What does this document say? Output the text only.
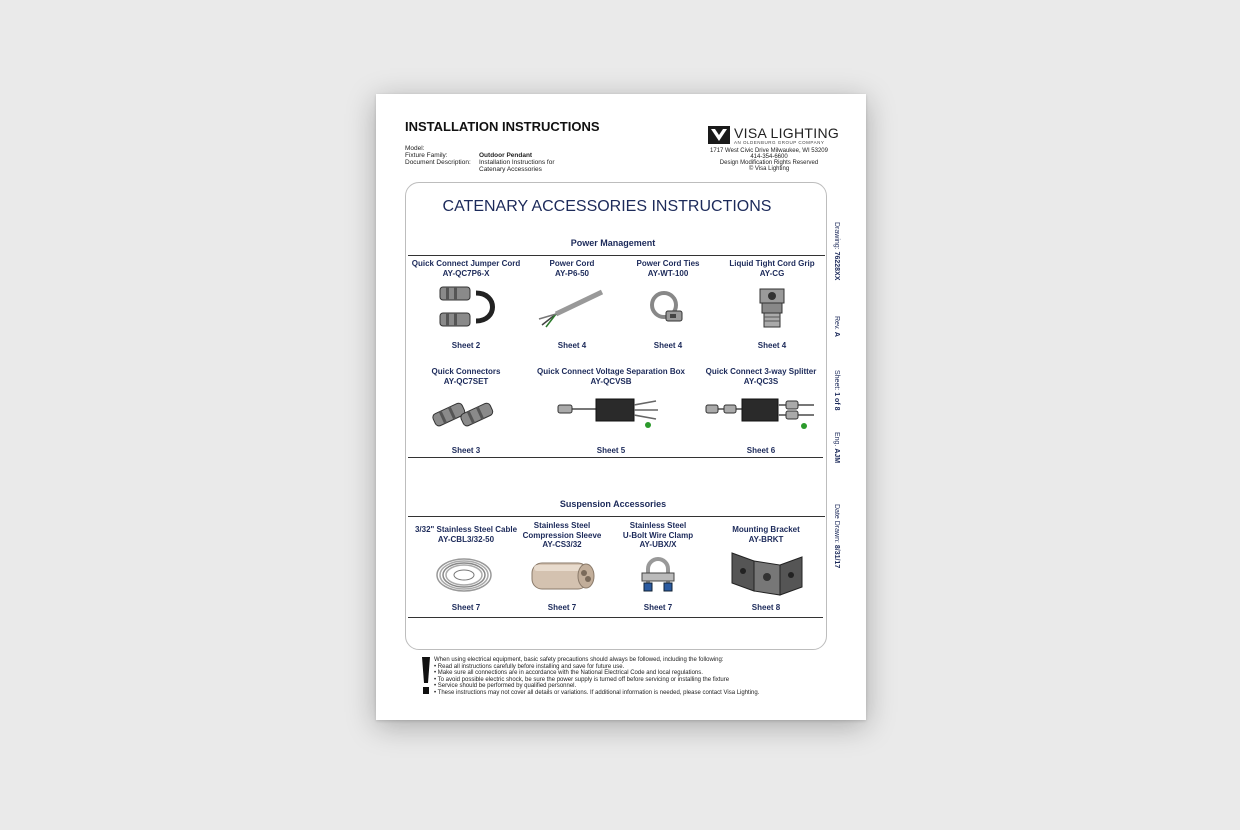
INSTALLATION INSTRUCTIONS
Model:
Fixture Family:	Outdoor Pendant
Document Description:	Installation Instructions for
Catenary Accessories
VISA LIGHTING
AN OLDENBURG GROUP COMPANY
1717 West Civic Drive Milwaukee, WI 53209
414-354-6600
Design Modification Rights Reserved
© Visa Lighting
CATENARY ACCESSORIES INSTRUCTIONS
Power Management
Quick Connect Jumper Cord
AY-QC7P6-X
Sheet 2
Power Cord
AY-P6-50
Sheet 4
Power Cord Ties
AY-WT-100
Sheet 4
Liquid Tight Cord Grip
AY-CG
Sheet 4
Quick Connectors
AY-QC7SET
Sheet 3
Quick Connect Voltage Separation Box
AY-QCVSB
Sheet 5
Quick Connect 3-way Splitter
AY-QC3S
Sheet 6
Suspension Accessories
3/32" Stainless Steel Cable
AY-CBL3/32-50
Sheet 7
Stainless Steel
Compression Sleeve
AY-CS3/32
Sheet 7
Stainless Steel
U-Bolt Wire Clamp
AY-UBX/X
Sheet 7
Mounting Bracket
AY-BRKT
Sheet 8
Drawing: 76228XX
Rev. A
Sheet: 1 of 8
Eng. AJM
Date Drawn: 8/31/17
When using electrical equipment, basic safety precautions should always be followed, including the following:
• Read all instructions carefully before installing and save for future use.
• Make sure all connections are in accordance with the National Electrical Code and local regulations.
• To avoid possible electric shock, be sure the power supply is turned off before servicing or installing the fixture
• Service should be performed by qualified personnel.
• These instructions may not cover all details or variations. If additional information is needed, please contact Visa Lighting.
